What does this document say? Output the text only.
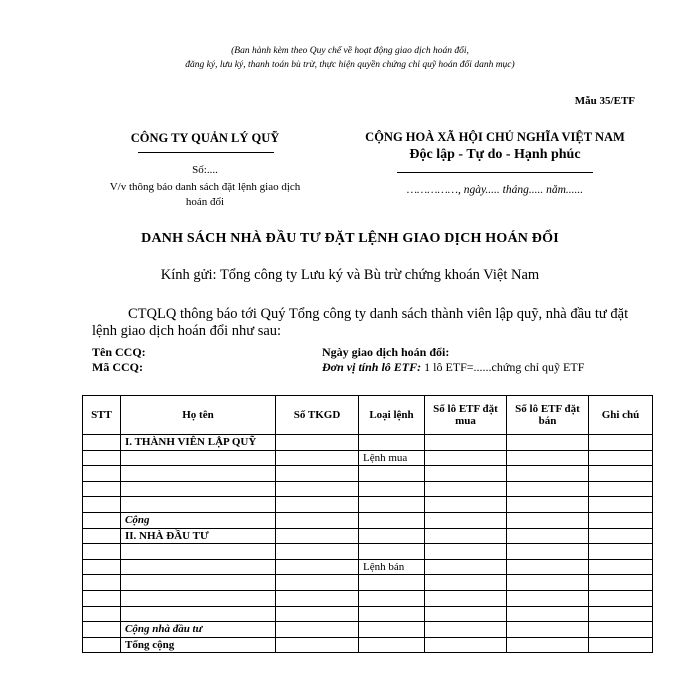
(Ban hành kèm theo Quy chế về hoạt động giao dịch hoán đổi,
đăng ký, lưu ký, thanh toán bù trừ, thực hiện quyền chứng chỉ quỹ hoán đổi danh mục)
Mẫu 35/ETF
CÔNG TY QUẢN LÝ QUỸ
Số:....
V/v thông báo danh sách đặt lệnh giao dịch
hoán đổi
CỘNG HOÀ XÃ HỘI CHỦ NGHĨA VIỆT NAM
Độc lập - Tự do - Hạnh phúc
……………, ngày..... tháng..... năm......
DANH SÁCH NHÀ ĐẦU TƯ ĐẶT LỆNH GIAO DỊCH HOÁN ĐỔI
Kính gửi: Tổng công ty Lưu ký và Bù trừ chứng khoán Việt Nam
CTQLQ thông báo tới Quý Tổng công ty danh sách thành viên lập quỹ, nhà đầu tư đặt lệnh giao dịch hoán đổi như sau:
Tên CCQ:
Mã CCQ:
Ngày giao dịch hoán đổi:
Đơn vị tính lô ETF: 1 lô ETF=......chứng chỉ quỹ ETF
STT	Họ tên	Số TKGD	Loại lệnh	Số lô ETF đặt mua	Số lô ETF đặt bán	Ghi chú
	I. THÀNH VIÊN LẬP QUỸ					
			Lệnh mua			

	Cộng					
	II. NHÀ ĐẦU TƯ					

			Lệnh bán			

	Cộng nhà đầu tư					
	Tổng cộng					
